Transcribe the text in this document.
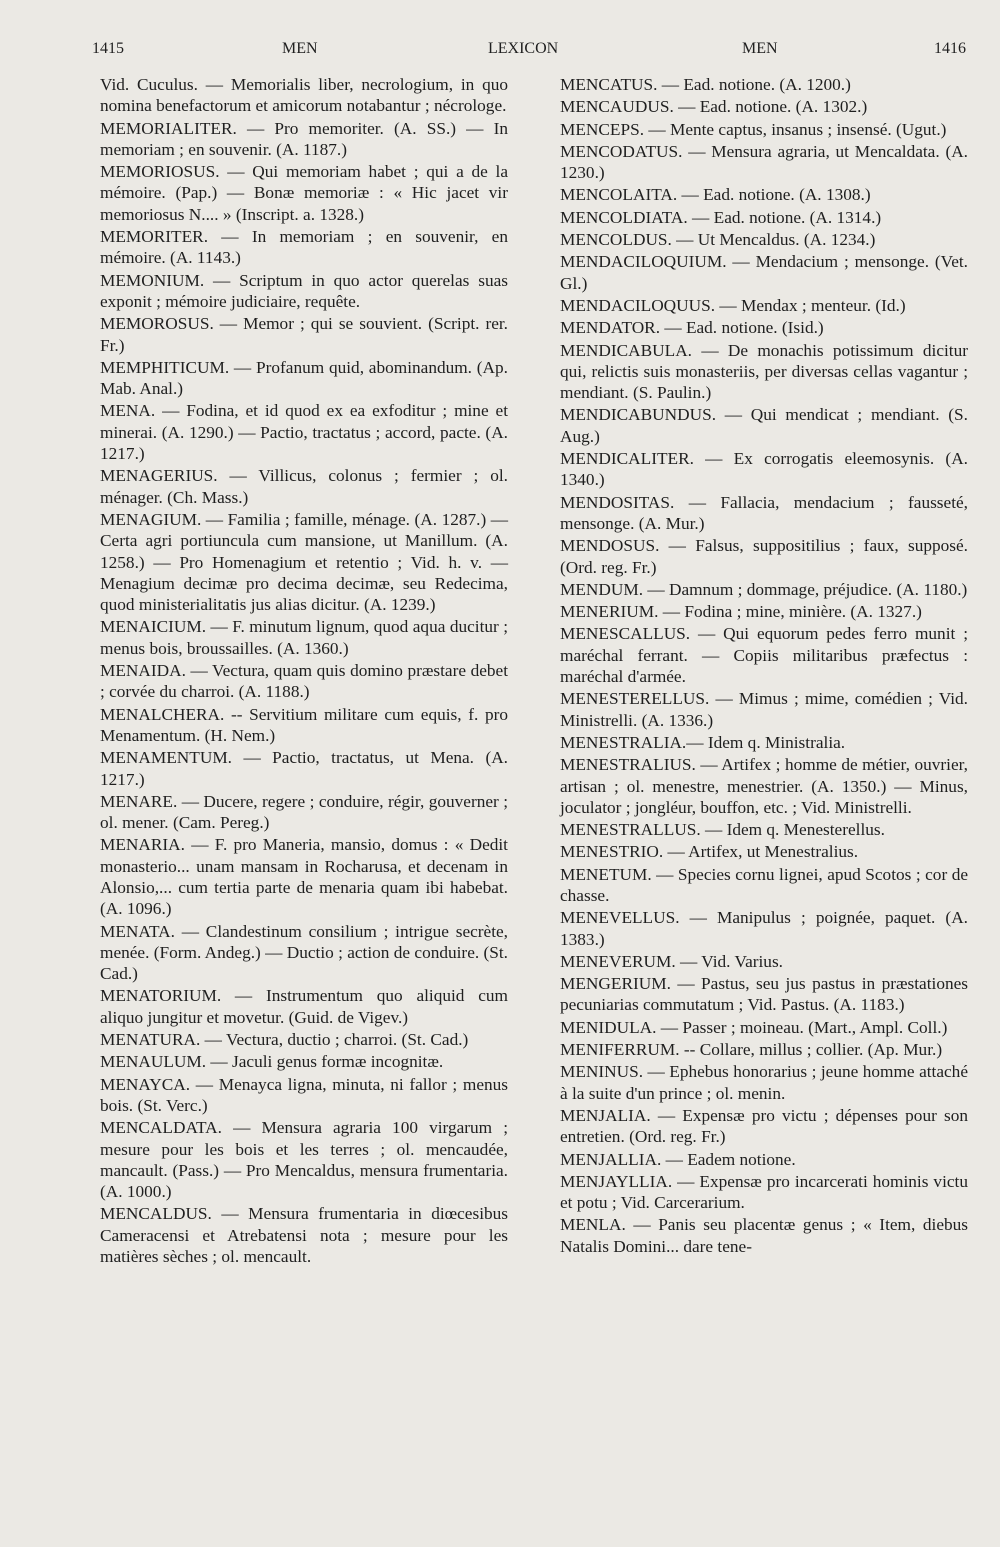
1415	MEN	LEXICON	MEN	1416
Vid. Cuculus. — Memorialis liber, necrologium, in quo nomina benefactorum et amicorum notabantur ; nécrologe.
MEMORIALITER. — Pro memoriter. (A. SS.) — In memoriam ; en souvenir. (A. 1187.)
MEMORIOSUS. — Qui memoriam habet ; qui a de la mémoire. (Pap.) — Bonæ memoriæ : « Hic jacet vir memoriosus N.... » (Inscript. a. 1328.)
MEMORITER. — In memoriam ; en souvenir, en mémoire. (A. 1143.)
MEMONIUM. — Scriptum in quo actor querelas suas exponit ; mémoire judiciaire, requête.
MEMOROSUS. — Memor ; qui se souvient. (Script. rer. Fr.)
MEMPHITICUM. — Profanum quid, abominandum. (Ap. Mab. Anal.)
MENA. — Fodina, et id quod ex ea exfoditur ; mine et minerai. (A. 1290.) — Pactio, tractatus ; accord, pacte. (A. 1217.)
MENAGERIUS. — Villicus, colonus ; fermier ; ol. ménager. (Ch. Mass.)
MENAGIUM. — Familia ; famille, ménage. (A. 1287.) — Certa agri portiuncula cum mansione, ut Manillum. (A. 1258.) — Pro Homenagium et retentio ; Vid. h. v. — Menagium decimæ pro decima decimæ, seu Redecima, quod ministerialitatis jus alias dicitur. (A. 1239.)
MENAICIUM. — F. minutum lignum, quod aqua ducitur ; menus bois, broussailles. (A. 1360.)
MENAIDA. — Vectura, quam quis domino præstare debet ; corvée du charroi. (A. 1188.)
MENALCHERA. -- Servitium militare cum equis, f. pro Menamentum. (H. Nem.)
MENAMENTUM. — Pactio, tractatus, ut Mena. (A. 1217.)
MENARE. — Ducere, regere ; conduire, régir, gouverner ; ol. mener. (Cam. Pereg.)
MENARIA. — F. pro Maneria, mansio, domus : « Dedit monasterio... unam mansam in Rocharusa, et decenam in Alonsio,... cum tertia parte de menaria quam ibi habebat. (A. 1096.)
MENATA. — Clandestinum consilium ; intrigue secrète, menée. (Form. Andeg.) — Ductio ; action de conduire. (St. Cad.)
MENATORIUM. — Instrumentum quo aliquid cum aliquo jungitur et movetur. (Guid. de Vigev.)
MENATURA. — Vectura, ductio ; charroi. (St. Cad.)
MENAULUM. — Jaculi genus formæ incognitæ.
MENAYCA. — Menayca ligna, minuta, ni fallor ; menus bois. (St. Verc.)
MENCALDATA. — Mensura agraria 100 virgarum ; mesure pour les bois et les terres ; ol. mencaudée, mancault. (Pass.) — Pro Mencaldus, mensura frumentaria. (A. 1000.)
MENCALDUS. — Mensura frumentaria in diœcesibus Cameracensi et Atrebatensi nota ; mesure pour les matières sèches ; ol. mencault.
MENCATUS. — Ead. notione. (A. 1200.)
MENCAUDUS. — Ead. notione. (A. 1302.)
MENCEPS. — Mente captus, insanus ; insensé. (Ugut.)
MENCODATUS. — Mensura agraria, ut Mencaldata. (A. 1230.)
MENCOLAITA. — Ead. notione. (A. 1308.)
MENCOLDIATA. — Ead. notione. (A. 1314.)
MENCOLDUS. — Ut Mencaldus. (A. 1234.)
MENDACILOQUIUM. — Mendacium ; mensonge. (Vet. Gl.)
MENDACILOQUUS. — Mendax ; menteur. (Id.)
MENDATOR. — Ead. notione. (Isid.)
MENDICABULA. — De monachis potissimum dicitur qui, relictis suis monasteriis, per diversas cellas vagantur ; mendiant. (S. Paulin.)
MENDICABUNDUS. — Qui mendicat ; mendiant. (S. Aug.)
MENDICALITER. — Ex corrogatis eleemosynis. (A. 1340.)
MENDOSITAS. — Fallacia, mendacium ; fausseté, mensonge. (A. Mur.)
MENDOSUS. — Falsus, suppositilius ; faux, supposé. (Ord. reg. Fr.)
MENDUM. — Damnum ; dommage, préjudice. (A. 1180.)
MENERIUM. — Fodina ; mine, minière. (A. 1327.)
MENESCALLUS. — Qui equorum pedes ferro munit ; maréchal ferrant. — Copiis militaribus præfectus : maréchal d'armée.
MENESTERELLUS. — Mimus ; mime, comédien ; Vid. Ministrelli. (A. 1336.)
MENESTRALIA.— Idem q. Ministralia.
MENESTRALIUS. — Artifex ; homme de métier, ouvrier, artisan ; ol. menestre, menestrier. (A. 1350.) — Minus, joculator ; jongléur, bouffon, etc. ; Vid. Ministrelli.
MENESTRALLUS. — Idem q. Menesterellus.
MENESTRIO. — Artifex, ut Menestralius.
MENETUM. — Species cornu lignei, apud Scotos ; cor de chasse.
MENEVELLUS. — Manipulus ; poignée, paquet. (A. 1383.)
MENEVERUM. — Vid. Varius.
MENGERIUM. — Pastus, seu jus pastus in præstationes pecuniarias commutatum ; Vid. Pastus. (A. 1183.)
MENIDULA. — Passer ; moineau. (Mart., Ampl. Coll.)
MENIFERRUM. -- Collare, millus ; collier. (Ap. Mur.)
MENINUS. — Ephebus honorarius ; jeune homme attaché à la suite d'un prince ; ol. menin.
MENJALIA. — Expensæ pro victu ; dépenses pour son entretien. (Ord. reg. Fr.)
MENJALLIA. — Eadem notione.
MENJAYLLIA. — Expensæ pro incarcerati hominis victu et potu ; Vid. Carcerarium.
MENLA. — Panis seu placentæ genus ; « Item, diebus Natalis Domini... dare tene-
